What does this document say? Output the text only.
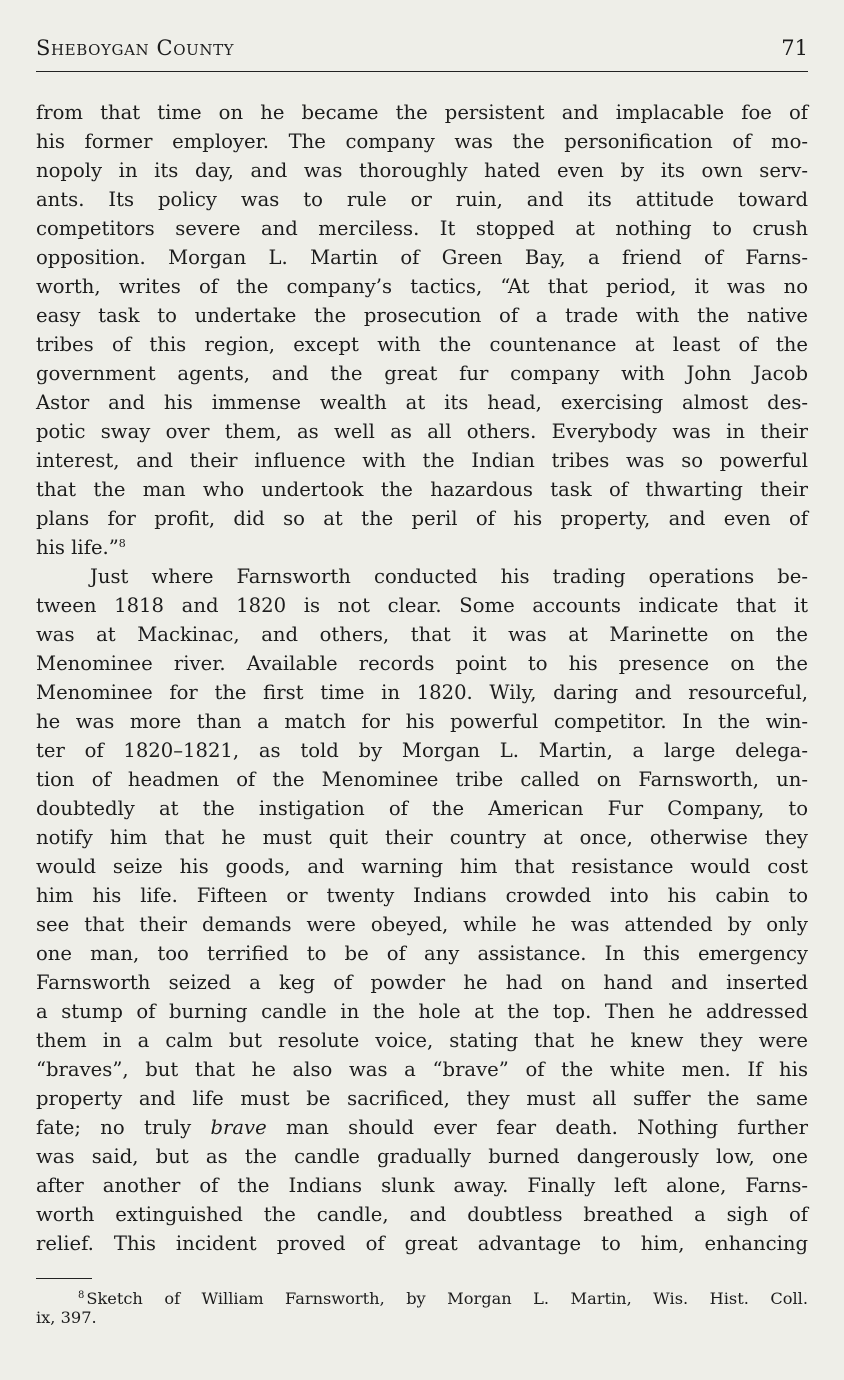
Sheboygan County	71
from that time on he became the persistent and implacable foe of
his former employer. The company was the personification of mo-
nopoly in its day, and was thoroughly hated even by its own serv-
ants. Its policy was to rule or ruin, and its attitude toward
competitors severe and merciless. It stopped at nothing to crush
opposition. Morgan L. Martin of Green Bay, a friend of Farns-
worth, writes of the company’s tactics, “At that period, it was no
easy task to undertake the prosecution of a trade with the native
tribes of this region, except with the countenance at least of the
government agents, and the great fur company with John Jacob
Astor and his immense wealth at its head, exercising almost des-
potic sway over them, as well as all others. Everybody was in their
interest, and their influence with the Indian tribes was so powerful
that the man who undertook the hazardous task of thwarting their
plans for profit, did so at the peril of his property, and even of
his life.”$^8$
Just where Farnsworth conducted his trading operations be-
tween 1818 and 1820 is not clear. Some accounts indicate that it
was at Mackinac, and others, that it was at Marinette on the
Menominee river. Available records point to his presence on the
Menominee for the first time in 1820. Wily, daring and resourceful,
he was more than a match for his powerful competitor. In the win-
ter of 1820–1821, as told by Morgan L. Martin, a large delega-
tion of headmen of the Menominee tribe called on Farnsworth, un-
doubtedly at the instigation of the American Fur Company, to
notify him that he must quit their country at once, otherwise they
would seize his goods, and warning him that resistance would cost
him his life. Fifteen or twenty Indians crowded into his cabin to
see that their demands were obeyed, while he was attended by only
one man, too terrified to be of any assistance. In this emergency
Farnsworth seized a keg of powder he had on hand and inserted
a stump of burning candle in the hole at the top. Then he addressed
them in a calm but resolute voice, stating that he knew they were
“braves”, but that he also was a “brave” of the white men. If his
property and life must be sacrificed, they must all suffer the same
fate; no truly brave man should ever fear death. Nothing further
was said, but as the candle gradually burned dangerously low, one
after another of the Indians slunk away. Finally left alone, Farns-
worth extinguished the candle, and doubtless breathed a sigh of
relief. This incident proved of great advantage to him, enhancing
$^8$ Sketch of William Farnsworth, by Morgan L. Martin, Wis. Hist. Coll.
ix, 397.
